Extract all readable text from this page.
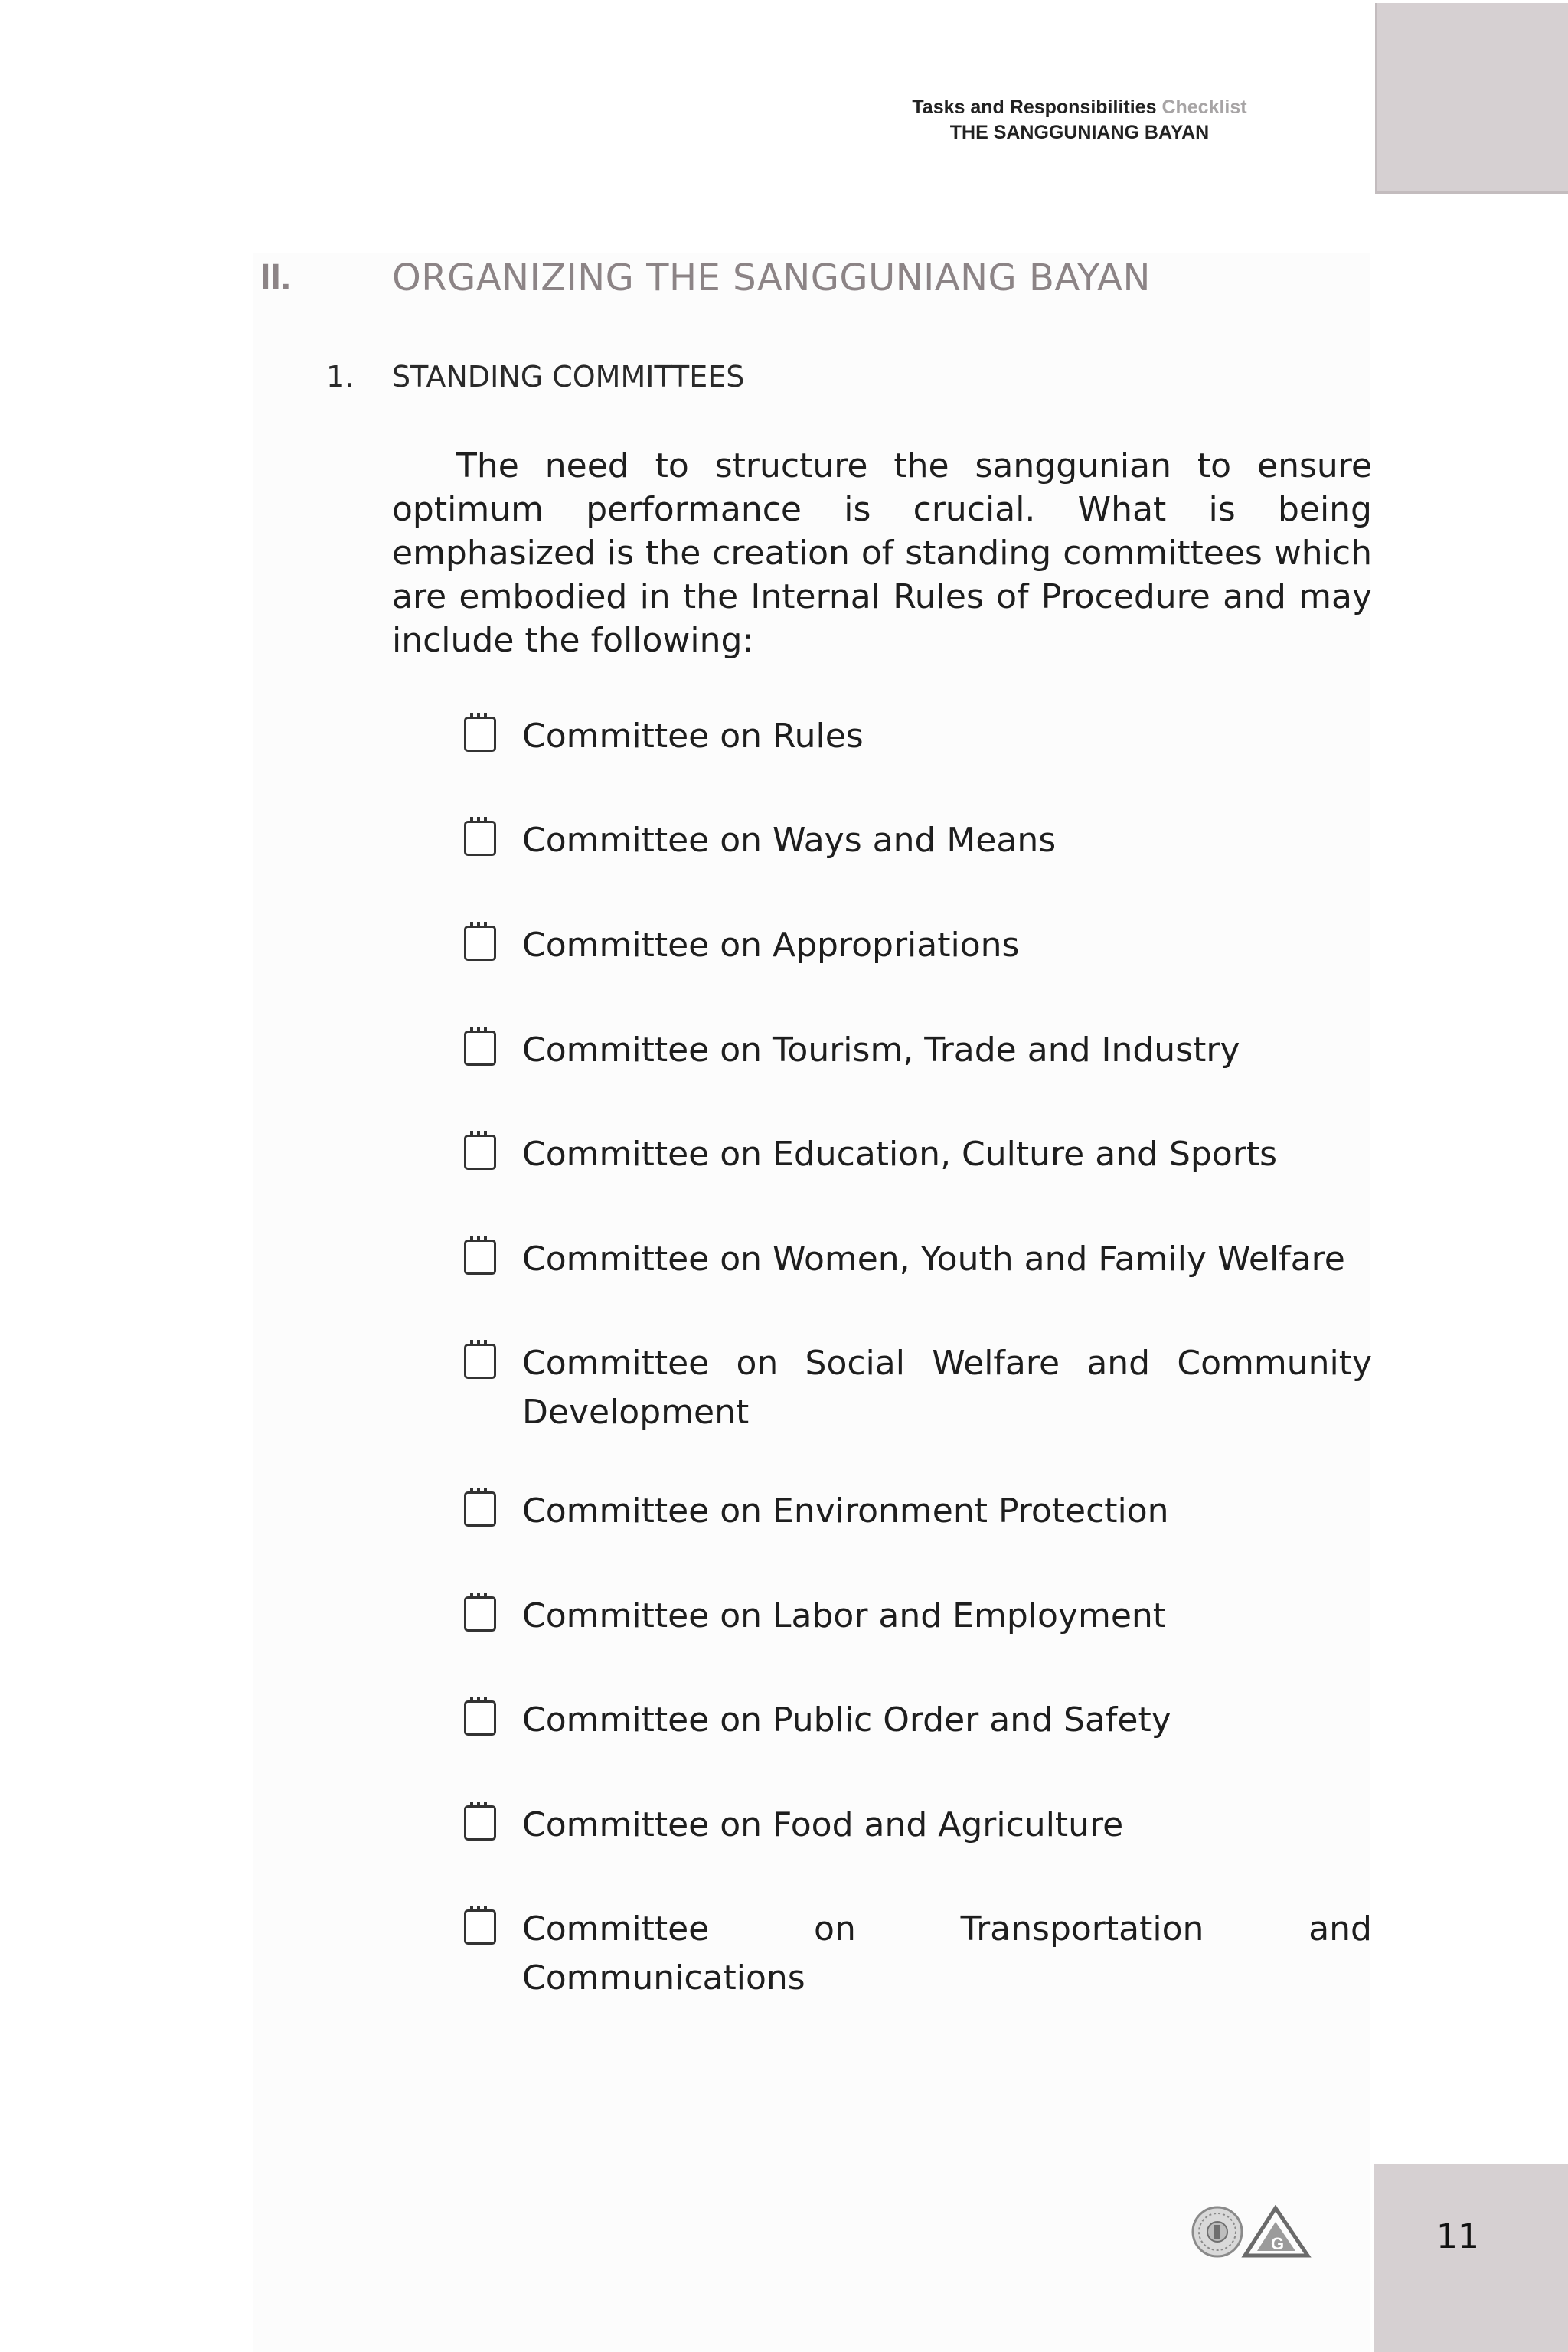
Tasks and Responsibilities Checklist
THE SANGGUNIANG BAYAN
II.	ORGANIZING THE SANGGUNIANG BAYAN
1. STANDING COMMITTEES
The need to structure the sanggunian to ensure optimum performance is crucial. What is being emphasized is the creation of standing committees which are embodied in the Internal Rules of Procedure and may include the following:
Committee on Rules
Committee on Ways and Means
Committee on Appropriations
Committee on Tourism, Trade and Industry
Committee on Education, Culture and Sports
Committee on Women, Youth and Family Welfare
Committee on Social Welfare and Community Development
Committee on Environment Protection
Committee on Labor and Employment
Committee on Public Order and Safety
Committee on Food and Agriculture
Committee on Transportation and Communications
G	11
